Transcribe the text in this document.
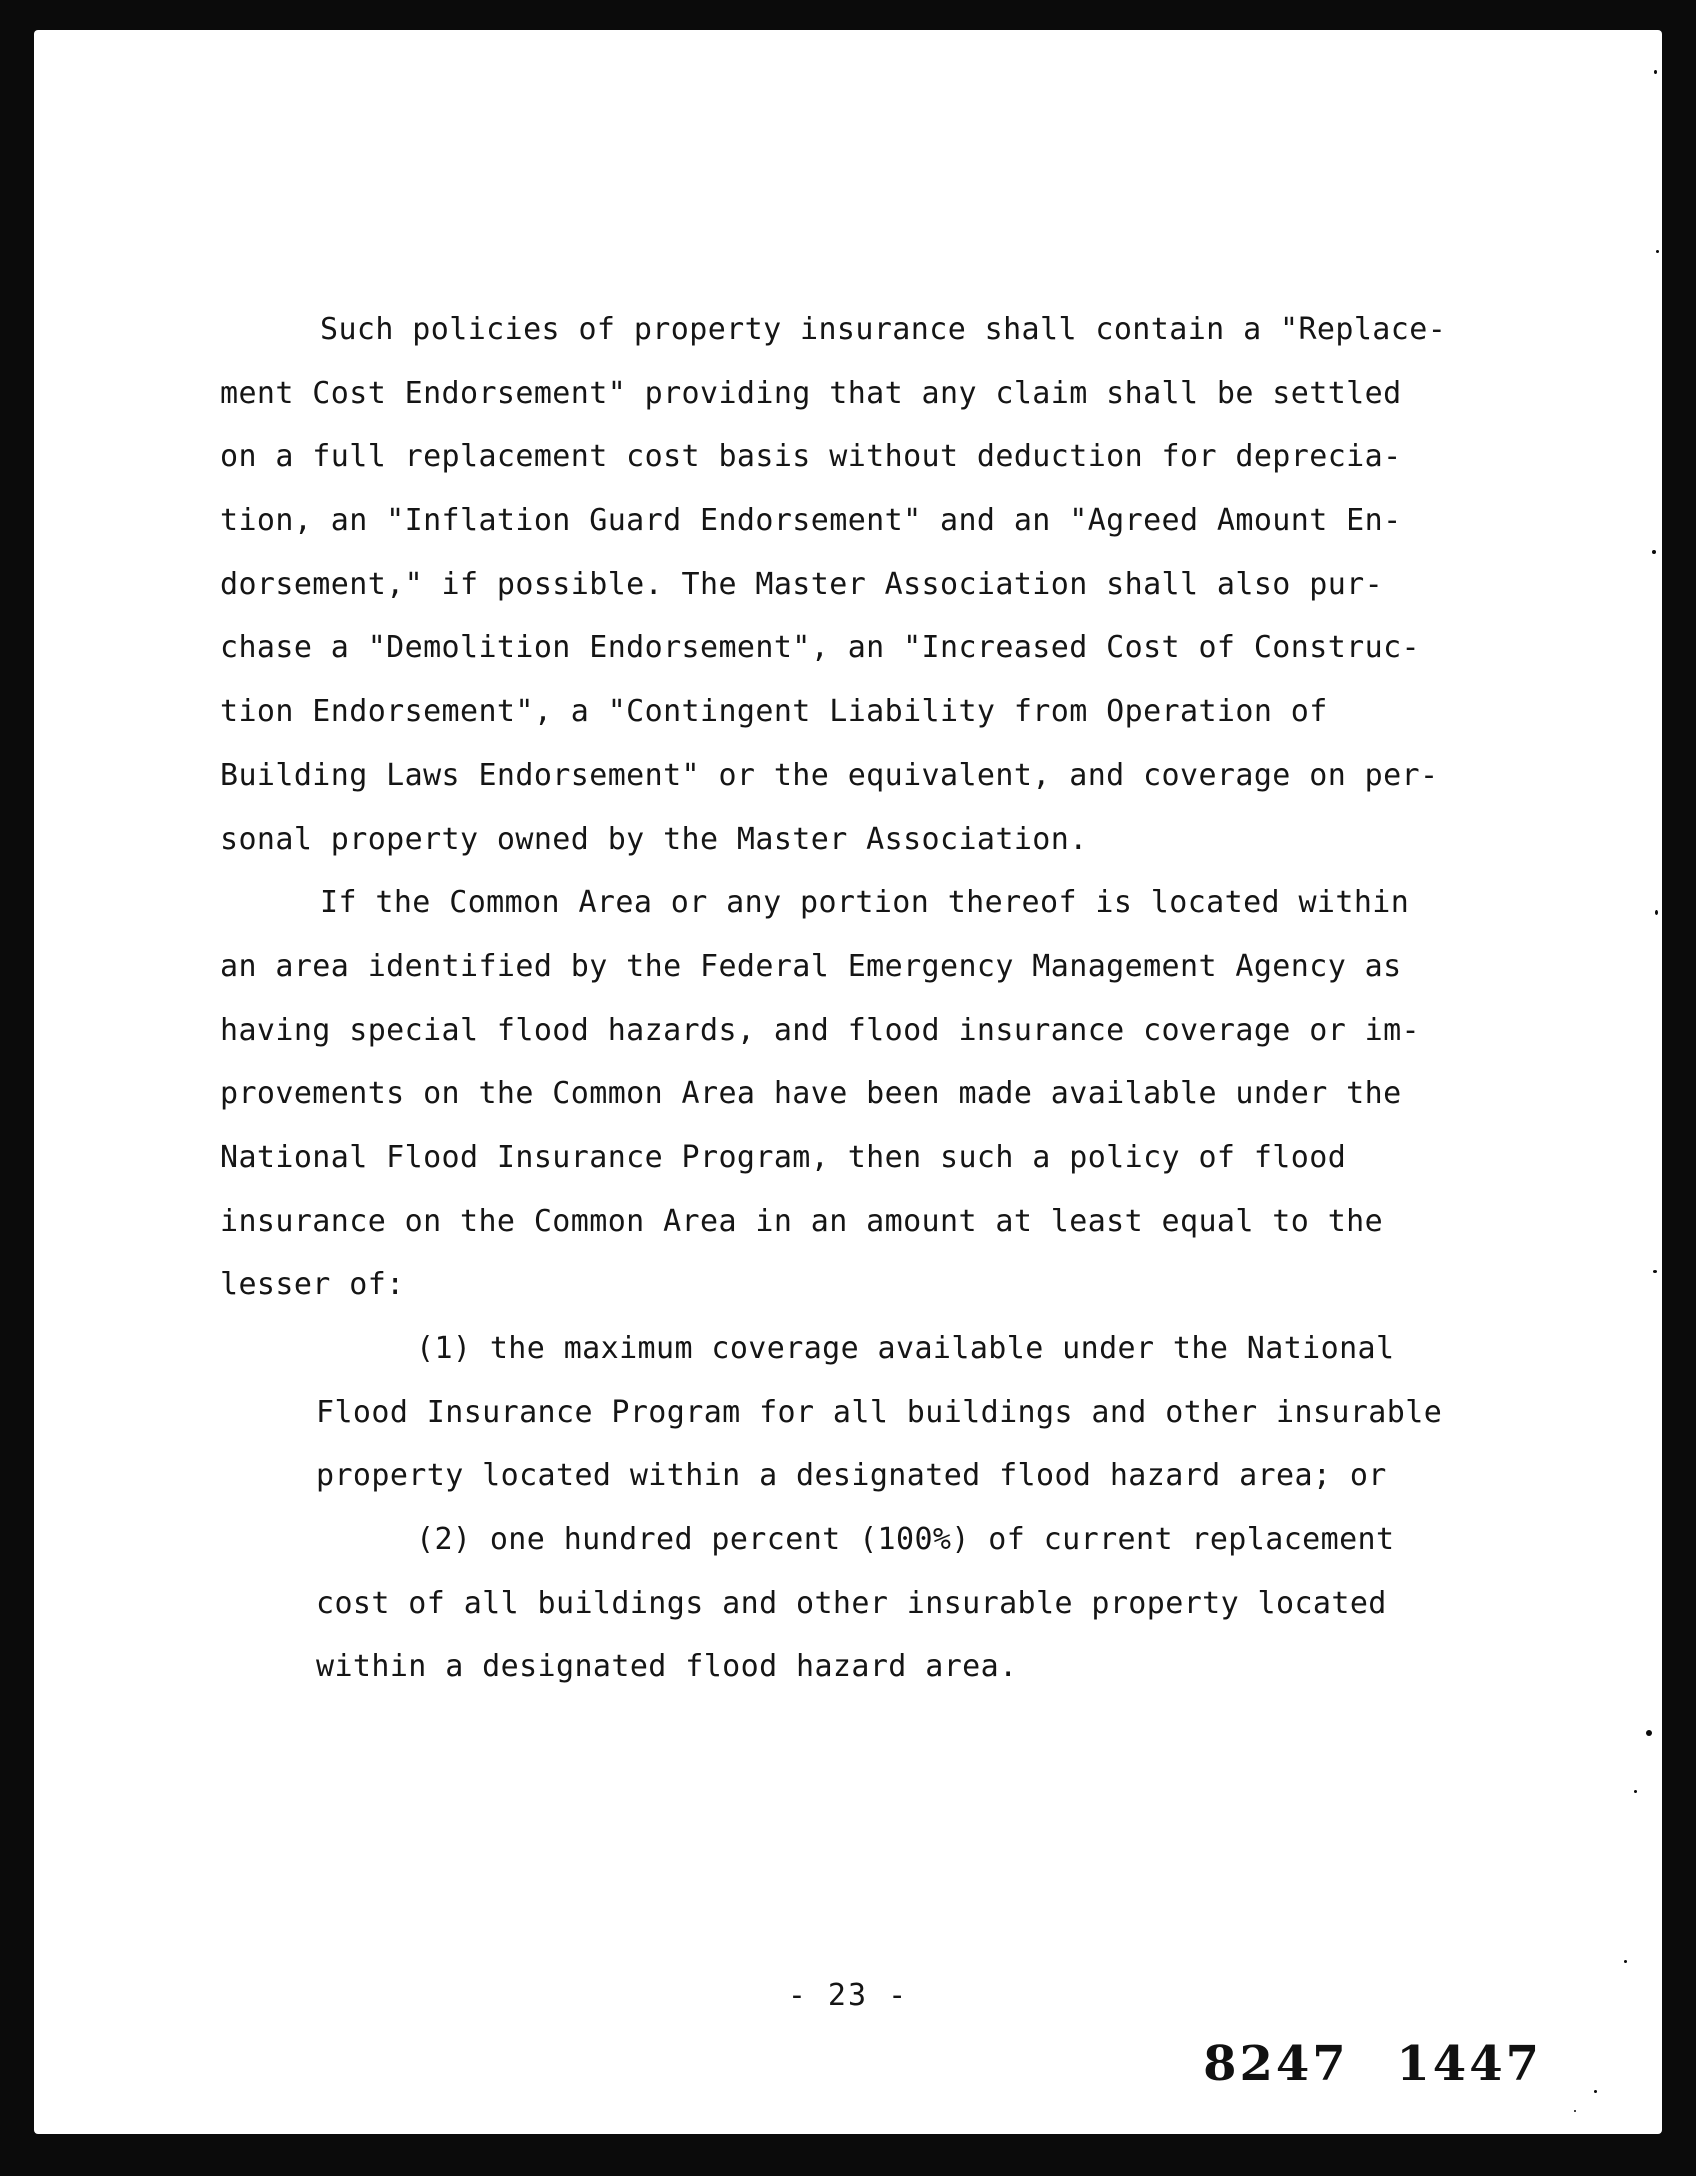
Such policies of property insurance shall contain a "Replace-
ment Cost Endorsement" providing that any claim shall be settled
on a full replacement cost basis without deduction for deprecia-
tion, an "Inflation Guard Endorsement" and an "Agreed Amount En-
dorsement," if possible. The Master Association shall also pur-
chase a "Demolition Endorsement", an "Increased Cost of Construc-
tion Endorsement", a "Contingent Liability from Operation of
Building Laws Endorsement" or the equivalent, and coverage on per-
sonal property owned by the Master Association.
If the Common Area or any portion thereof is located within
an area identified by the Federal Emergency Management Agency as
having special flood hazards, and flood insurance coverage or im-
provements on the Common Area have been made available under the
National Flood Insurance Program, then such a policy of flood
insurance on the Common Area in an amount at least equal to the
lesser of:
(1) the maximum coverage available under the National
Flood Insurance Program for all buildings and other insurable
property located within a designated flood hazard area; or
(2) one hundred percent (100%) of current replacement
cost of all buildings and other insurable property located
within a designated flood hazard area.
- 23 -
8247 1447
